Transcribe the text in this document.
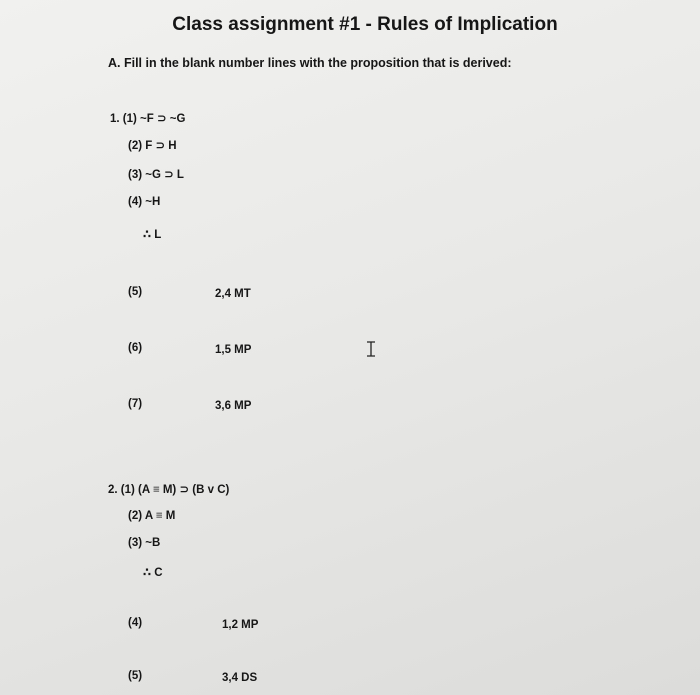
Class assignment #1 - Rules of Implication
A. Fill in the blank number lines with the proposition that is derived:
1. (1) ~F ⊃ ~G
(2) F ⊃ H
(3) ~G ⊃ L
(4) ~H
∴ L
(5)	2,4 MT
(6)	1,5 MP
(7)	3,6 MP
2. (1) (A ≡ M) ⊃ (B v C)
(2) A ≡ M
(3) ~B
∴ C
(4)	1,2 MP
(5)	3,4 DS
